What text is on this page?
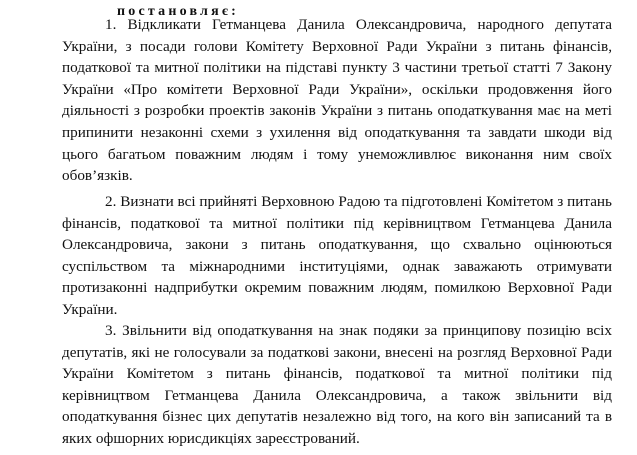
постановляє:

1. Відкликати Гетманцева Данила Олександровича, народного депутата України, з посади голови Комітету Верховної Ради України з питань фінансів, податкової та митної політики на підставі пункту 3 частини третьої статті 7 Закону України «Про комітети Верховної Ради України», оскільки продовження його діяльності з розробки проектів законів України з питань оподаткування має на меті припинити незаконні схеми з ухилення від оподаткування та завдати шкоди від цього багатьом поважним людям і тому унеможливлює виконання ним своїх обов’язків.

2. Визнати всі прийняті Верховною Радою та підготовлені Комітетом з питань фінансів, податкової та митної політики під керівництвом Гетманцева Данила Олександровича, закони з питань оподаткування, що схвально оцінюються суспільством та міжнародними інституціями, однак заважають отримувати протизаконні надприбутки окремим поважним людям, помилкою Верховної Ради України.

3. Звільнити від оподаткування на знак подяки за принципову позицію всіх депутатів, які не голосували за податкові закони, внесені на розгляд Верховної Ради України Комітетом з питань фінансів, податкової та митної політики під керівництвом Гетманцева Данила Олександровича, а також звільнити від оподаткування бізнес цих депутатів незалежно від того, на кого він записаний та в яких офшорних юрисдикціях зареєстрований.
